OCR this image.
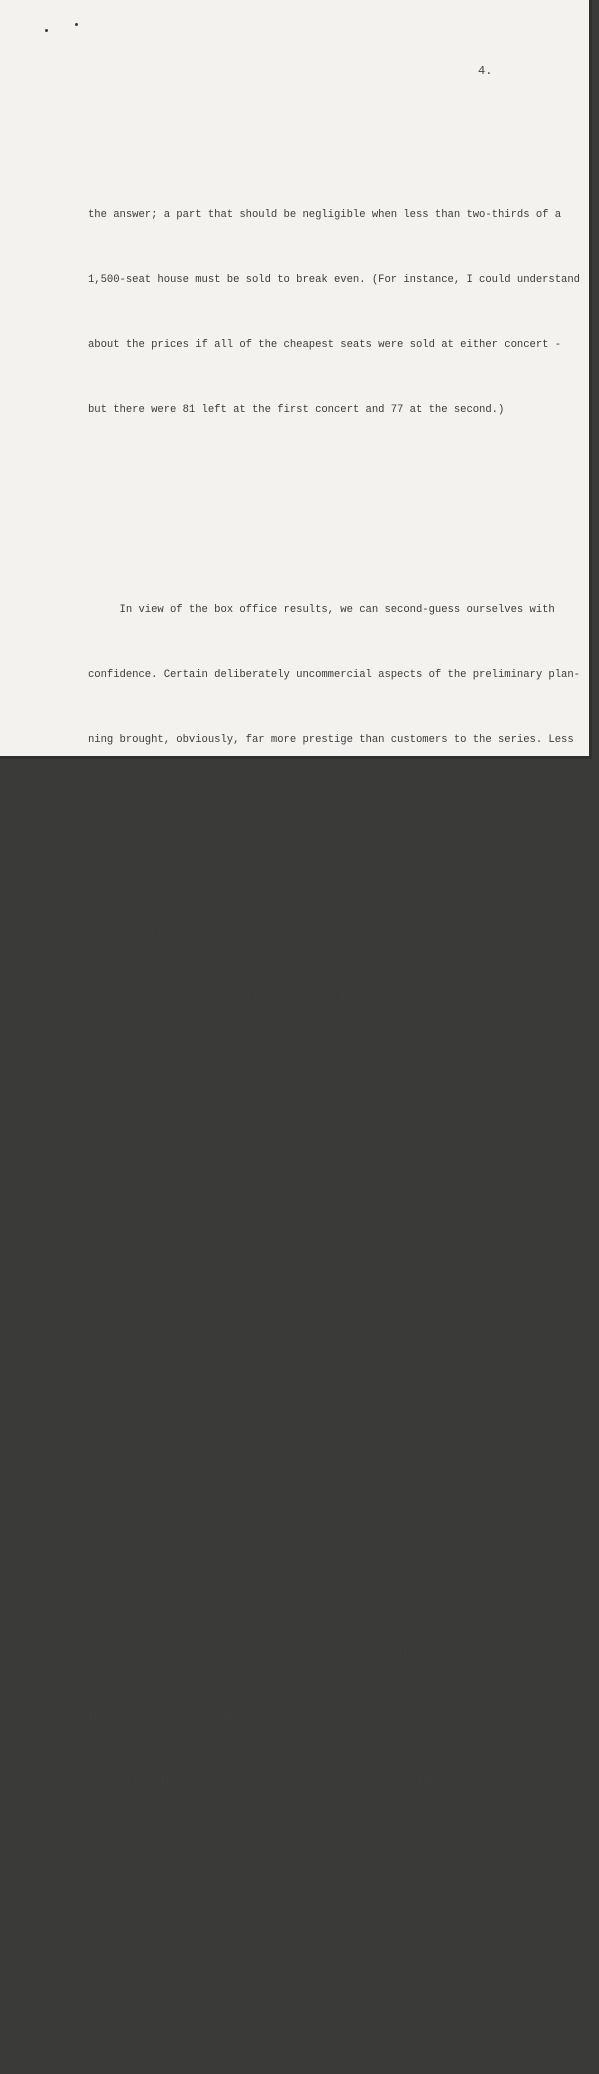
4.

the answer; a part that should be negligible when less than two-thirds of a

1,500-seat house must be sold to break even. (For instance, I could understand

about the prices if all of the cheapest seats were sold at either concert -

but there were 81 left at the first concert and 77 at the second.)

In view of the box office results, we can second-guess ourselves with

confidence. Certain deliberately uncommercial aspects of the preliminary plan-

ning brought, obviously, far more prestige than customers to the series. Less

attractive, more brazen circulars would have "sold" more and been cheaper;

postage money for a blue ribbon mailing list could have been diverted to spot

announcements with jazz disc jockeys. Newspaper advertising, since we cannot

under any circumstances afford huge display ads, was adequate, but less dignity

and more corner-cutting elsewhere would have yielded an extra ad or two. The

switch from giving everybody on the series equal billing (to symbolize the pur-

pose of the series) should have taken place immediately after the first ads,

instead of when we learned our lesson - after the first concert. True, the "tone"

of the series would have suffered, but not too much, and our checkbook might

not have had to cringe the way it does now when we reach for it.

The most valid of the standard reasons advanced by sympathetic friends

is that the idea is too new, although here again it is abundantly clear that

there are many thousands of people is New York whose buying patterns in other

(but related)fields, such as records, theatre, and films, indicates that they

are ready for "Music For Moderns." In records, it has long been obvious that

the serious jazz customer and the discerning classical (very little 19th Century)

and contemporary music fan are often the same person.
